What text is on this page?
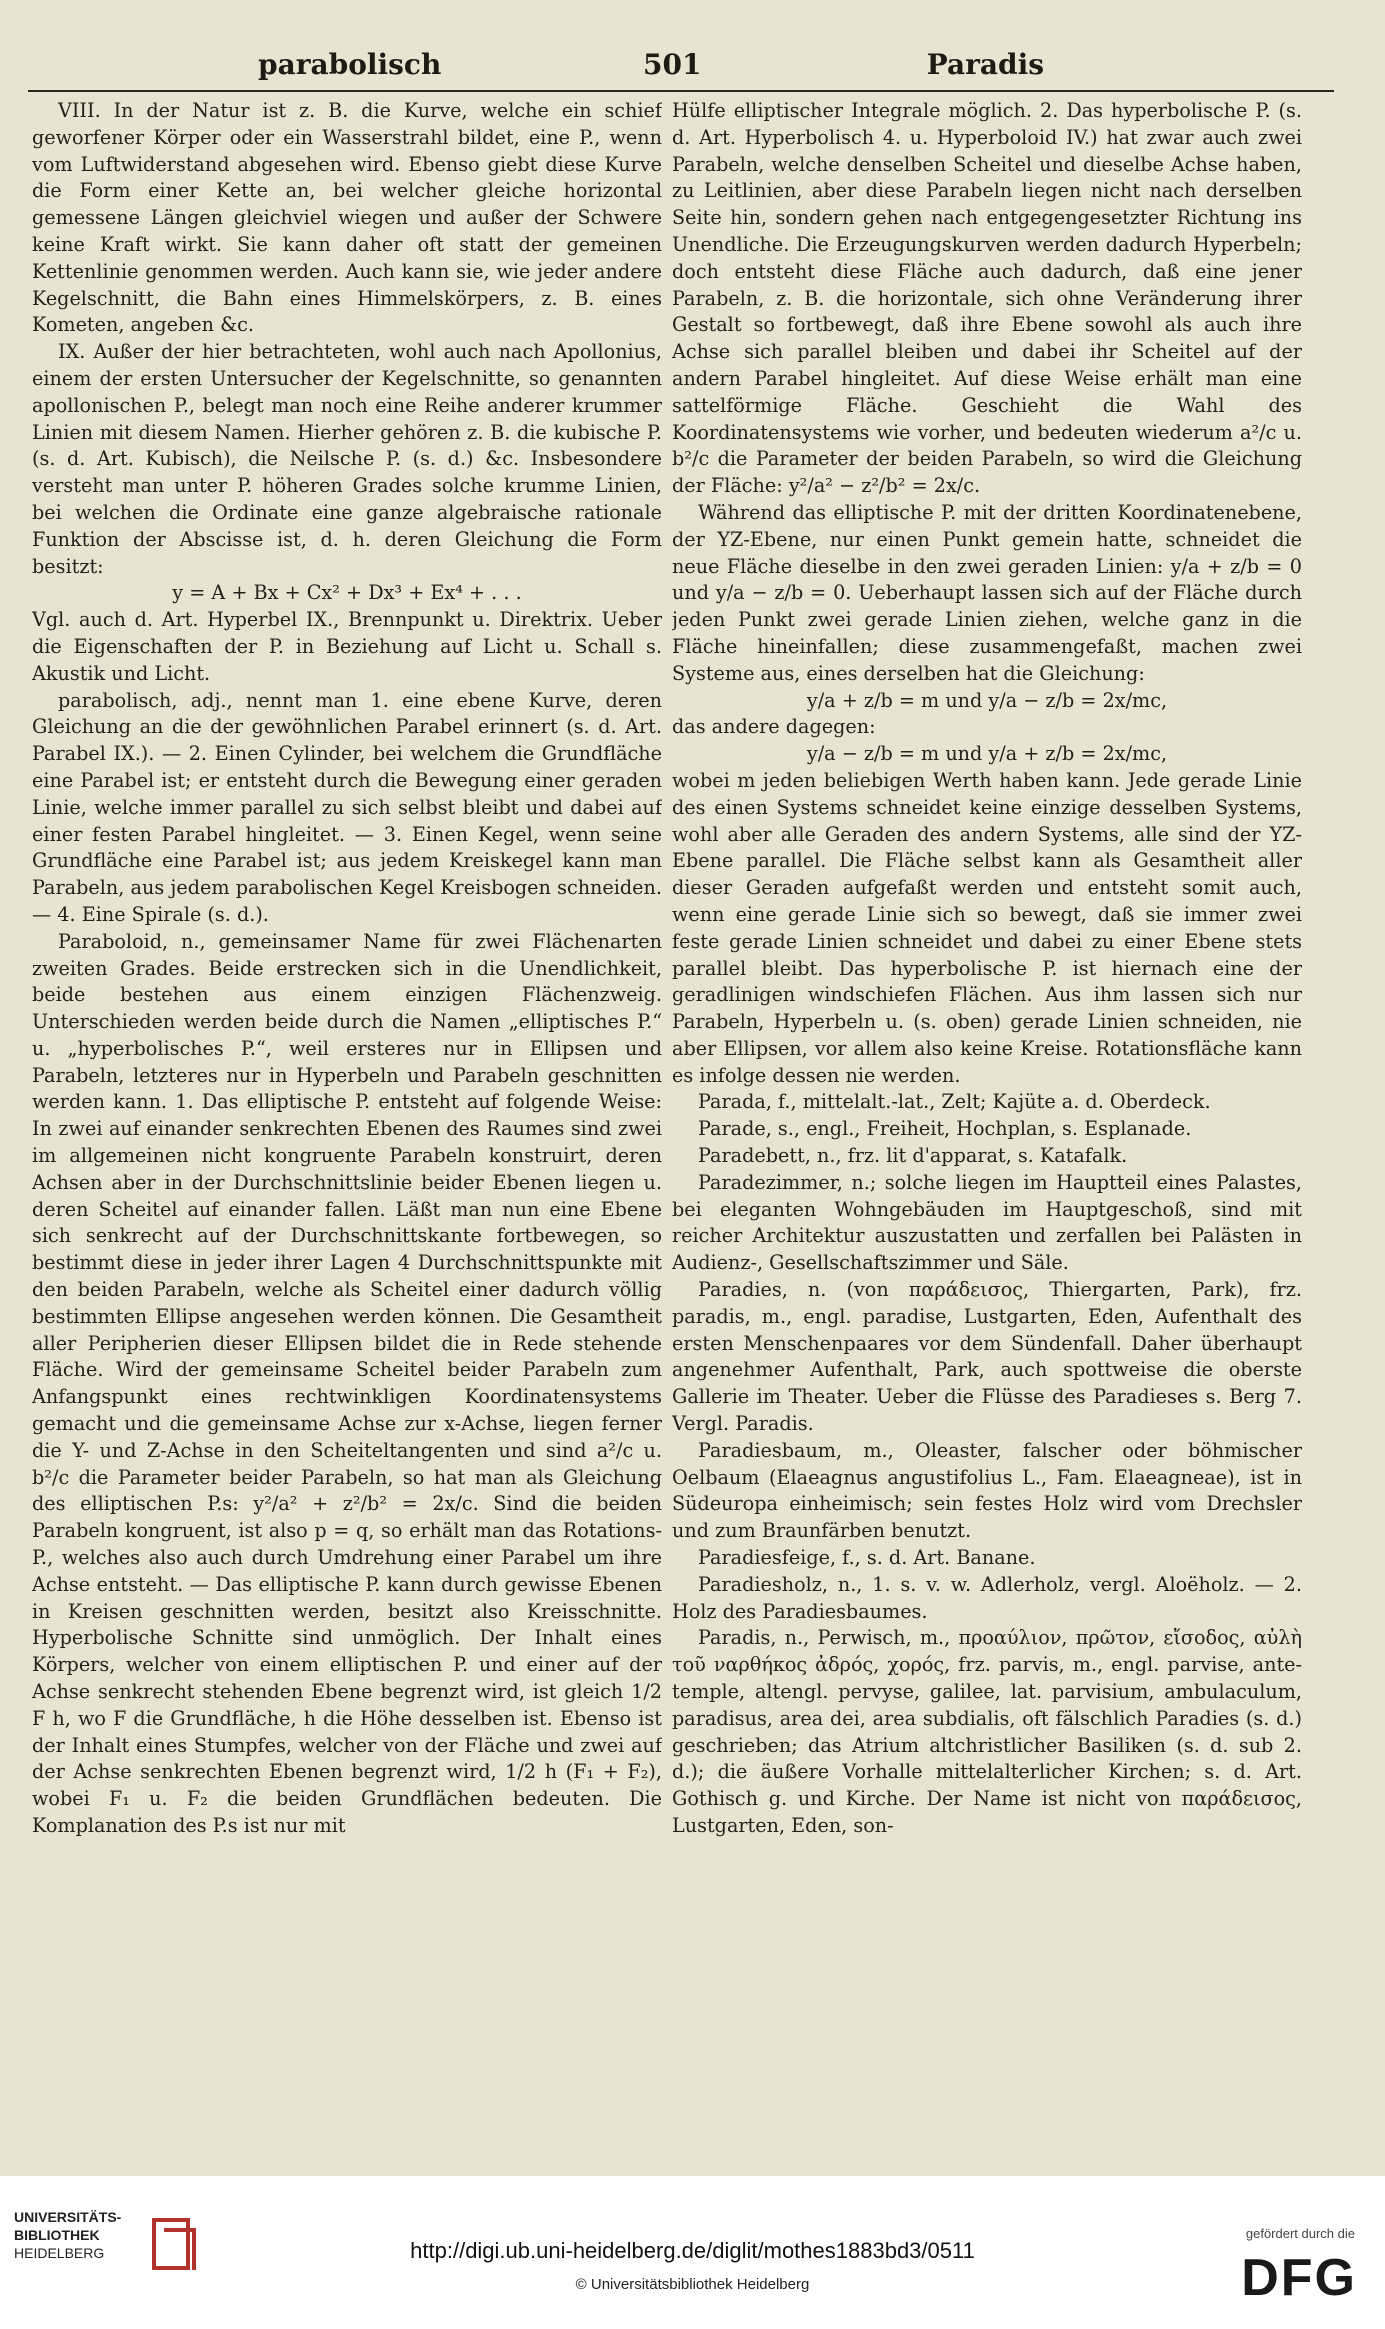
parabolisch	501	Paradis

VIII. In der Natur ist z. B. die Kurve, welche ein schief geworfener Körper oder ein Wasserstrahl bildet, eine P., wenn vom Luftwiderstand abgesehen wird. Ebenso giebt diese Kurve die Form einer Kette an, bei welcher gleiche horizontal gemessene Längen gleichviel wiegen und außer der Schwere keine Kraft wirkt. Sie kann daher oft statt der gemeinen Kettenlinie genommen werden. Auch kann sie, wie jeder andere Kegelschnitt, die Bahn eines Himmelskörpers, z. B. eines Kometen, angeben &c.

IX. Außer der hier betrachteten, wohl auch nach Apollonius, einem der ersten Untersucher der Kegelschnitte, so genannten apollonischen P., belegt man noch eine Reihe anderer krummer Linien mit diesem Namen. Hierher gehören z. B. die kubische P. (s. d. Art. Kubisch), die Neilsche P. (s. d.) &c. Insbesondere versteht man unter P. höheren Grades solche krumme Linien, bei welchen die Ordinate eine ganze algebraische rationale Funktion der Abscisse ist, d. h. deren Gleichung die Form besitzt:

y = A + Bx + Cx² + Dx³ + Ex⁴ + . . .

Vgl. auch d. Art. Hyperbel IX., Brennpunkt u. Direktrix. Ueber die Eigenschaften der P. in Beziehung auf Licht u. Schall s. Akustik und Licht.

parabolisch, adj., nennt man 1. eine ebene Kurve, deren Gleichung an die der gewöhnlichen Parabel erinnert (s. d. Art. Parabel IX.). — 2. Einen Cylinder, bei welchem die Grundfläche eine Parabel ist; er entsteht durch die Bewegung einer geraden Linie, welche immer parallel zu sich selbst bleibt und dabei auf einer festen Parabel hingleitet. — 3. Einen Kegel, wenn seine Grundfläche eine Parabel ist; aus jedem Kreiskegel kann man Parabeln, aus jedem parabolischen Kegel Kreisbogen schneiden. — 4. Eine Spirale (s. d.).

Paraboloid, n., gemeinsamer Name für zwei Flächenarten zweiten Grades. Beide erstrecken sich in die Unendlichkeit, beide bestehen aus einem einzigen Flächenzweig. Unterschieden werden beide durch die Namen „elliptisches P.“ u. „hyperbolisches P.“, weil ersteres nur in Ellipsen und Parabeln, letzteres nur in Hyperbeln und Parabeln geschnitten werden kann. 1. Das elliptische P. entsteht auf folgende Weise: In zwei auf einander senkrechten Ebenen des Raumes sind zwei im allgemeinen nicht kongruente Parabeln konstruirt, deren Achsen aber in der Durchschnittslinie beider Ebenen liegen u. deren Scheitel auf einander fallen. Läßt man nun eine Ebene sich senkrecht auf der Durchschnittskante fortbewegen, so bestimmt diese in jeder ihrer Lagen 4 Durchschnittspunkte mit den beiden Parabeln, welche als Scheitel einer dadurch völlig bestimmten Ellipse angesehen werden können. Die Gesamtheit aller Peripherien dieser Ellipsen bildet die in Rede stehende Fläche. Wird der gemeinsame Scheitel beider Parabeln zum Anfangspunkt eines rechtwinkligen Koordinatensystems gemacht und die gemeinsame Achse zur x-Achse, liegen ferner die Y- und Z-Achse in den Scheiteltangenten und sind a²/c u. b²/c die Parameter beider Parabeln, so hat man als Gleichung des elliptischen P.s: y²/a² + z²/b² = 2x/c. Sind die beiden Parabeln kongruent, ist also p = q, so erhält man das Rotations-P., welches also auch durch Umdrehung einer Parabel um ihre Achse entsteht. — Das elliptische P. kann durch gewisse Ebenen in Kreisen geschnitten werden, besitzt also Kreisschnitte. Hyperbolische Schnitte sind unmöglich. Der Inhalt eines Körpers, welcher von einem elliptischen P. und einer auf der Achse senkrecht stehenden Ebene begrenzt wird, ist gleich 1/2 F h, wo F die Grundfläche, h die Höhe desselben ist. Ebenso ist der Inhalt eines Stumpfes, welcher von der Fläche und zwei auf der Achse senkrechten Ebenen begrenzt wird, 1/2 h (F₁ + F₂), wobei F₁ u. F₂ die beiden Grundflächen bedeuten. Die Komplanation des P.s ist nur mit

Hülfe elliptischer Integrale möglich. 2. Das hyperbolische P. (s. d. Art. Hyperbolisch 4. u. Hyperboloid IV.) hat zwar auch zwei Parabeln, welche denselben Scheitel und dieselbe Achse haben, zu Leitlinien, aber diese Parabeln liegen nicht nach derselben Seite hin, sondern gehen nach entgegengesetzter Richtung ins Unendliche. Die Erzeugungskurven werden dadurch Hyperbeln; doch entsteht diese Fläche auch dadurch, daß eine jener Parabeln, z. B. die horizontale, sich ohne Veränderung ihrer Gestalt so fortbewegt, daß ihre Ebene sowohl als auch ihre Achse sich parallel bleiben und dabei ihr Scheitel auf der andern Parabel hingleitet. Auf diese Weise erhält man eine sattelförmige Fläche. Geschieht die Wahl des Koordinatensystems wie vorher, und bedeuten wiederum a²/c u. b²/c die Parameter der beiden Parabeln, so wird die Gleichung der Fläche: y²/a² − z²/b² = 2x/c.

Während das elliptische P. mit der dritten Koordinatenebene, der YZ-Ebene, nur einen Punkt gemein hatte, schneidet die neue Fläche dieselbe in den zwei geraden Linien: y/a + z/b = 0 und y/a − z/b = 0. Ueberhaupt lassen sich auf der Fläche durch jeden Punkt zwei gerade Linien ziehen, welche ganz in die Fläche hineinfallen; diese zusammengefaßt, machen zwei Systeme aus, eines derselben hat die Gleichung:

y/a + z/b = m und y/a − z/b = 2x/mc,

das andere dagegen:

y/a − z/b = m und y/a + z/b = 2x/mc,

wobei m jeden beliebigen Werth haben kann. Jede gerade Linie des einen Systems schneidet keine einzige desselben Systems, wohl aber alle Geraden des andern Systems, alle sind der YZ-Ebene parallel. Die Fläche selbst kann als Gesamtheit aller dieser Geraden aufgefaßt werden und entsteht somit auch, wenn eine gerade Linie sich so bewegt, daß sie immer zwei feste gerade Linien schneidet und dabei zu einer Ebene stets parallel bleibt. Das hyperbolische P. ist hiernach eine der geradlinigen windschiefen Flächen. Aus ihm lassen sich nur Parabeln, Hyperbeln u. (s. oben) gerade Linien schneiden, nie aber Ellipsen, vor allem also keine Kreise. Rotationsfläche kann es infolge dessen nie werden.

Parada, f., mittelalt.-lat., Zelt; Kajüte a. d. Oberdeck.

Parade, s., engl., Freiheit, Hochplan, s. Esplanade.

Paradebett, n., frz. lit d'apparat, s. Katafalk.

Paradezimmer, n.; solche liegen im Hauptteil eines Palastes, bei eleganten Wohngebäuden im Hauptgeschoß, sind mit reicher Architektur auszustatten und zerfallen bei Palästen in Audienz-, Gesellschaftszimmer und Säle.

Paradies, n. (von παράδεισος, Thiergarten, Park), frz. paradis, m., engl. paradise, Lustgarten, Eden, Aufenthalt des ersten Menschenpaares vor dem Sündenfall. Daher überhaupt angenehmer Aufenthalt, Park, auch spottweise die oberste Gallerie im Theater. Ueber die Flüsse des Paradieses s. Berg 7. Vergl. Paradis.

Paradiesbaum, m., Oleaster, falscher oder böhmischer Oelbaum (Elaeagnus angustifolius L., Fam. Elaeagneae), ist in Südeuropa einheimisch; sein festes Holz wird vom Drechsler und zum Braunfärben benutzt.

Paradiesfeige, f., s. d. Art. Banane.

Paradiesholz, n., 1. s. v. w. Adlerholz, vergl. Aloëholz. — 2. Holz des Paradiesbaumes.

Paradis, n., Perwisch, m., προαύλιον, πρῶτον, εἴσοδος, αὐλὴ τοῦ ναρθήκος ἀδρός, χορός, frz. parvis, m., engl. parvise, ante-temple, altengl. pervyse, galilee, lat. parvisium, ambulaculum, paradisus, area dei, area subdialis, oft fälschlich Paradies (s. d.) geschrieben; das Atrium altchristlicher Basiliken (s. d. sub 2. d.); die äußere Vorhalle mittelalterlicher Kirchen; s. d. Art. Gothisch g. und Kirche. Der Name ist nicht von παράδεισος, Lustgarten, Eden, son-

UNIVERSITÄTS-
BIBLIOTHEK
HEIDELBERG	http://digi.ub.uni-heidelberg.de/diglit/mothes1883bd3/0511
© Universitätsbibliothek Heidelberg
gefördert durch die
DFG
